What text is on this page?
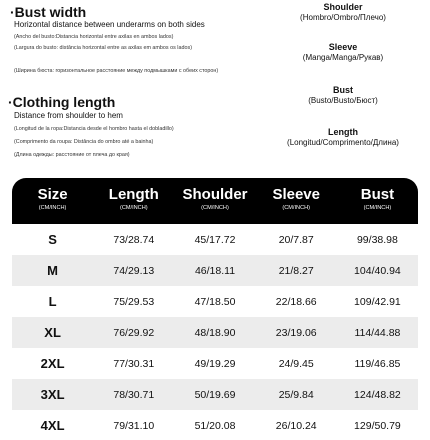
·Bust width
Horizontal distance between underarms on both sides
(Ancho del busto:Distancia horizontal entre axilas en ambos lados)
(Largura do busto: distância horizontal entre as axilas em ambos os lados)
(Ширина бюста: горизонтальное расстояние между подмышками с обеих сторон)
·Clothing length
Distance from shoulder to hem
(Longitud de la ropa:Distancia desde el hombro hasta el dobladillo)
(Comprimento da roupa: Distância do ombro até a bainha)
(Длина одежды: расстояние от плеча до края)
Shoulder
(Hombro/Ombro/Плечо)
Sleeve
(Manga/Manga/Рукав)
Bust
(Busto/Busto/Бюст)
Length
(Longitud/Comprimento/Длина)
Size
(CM/INCH)
Length
(CM/INCH)
Shoulder
(CM/INCH)
Sleeve
(CM/INCH)
Bust
(CM/INCH)
S	73/28.74	45/17.72	20/7.87	99/38.98
M	74/29.13	46/18.11	21/8.27	104/40.94
L	75/29.53	47/18.50	22/18.66	109/42.91
XL	76/29.92	48/18.90	23/19.06	114/44.88
2XL	77/30.31	49/19.29	24/9.45	119/46.85
3XL	78/30.71	50/19.69	25/9.84	124/48.82
4XL	79/31.10	51/20.08	26/10.24	129/50.79
